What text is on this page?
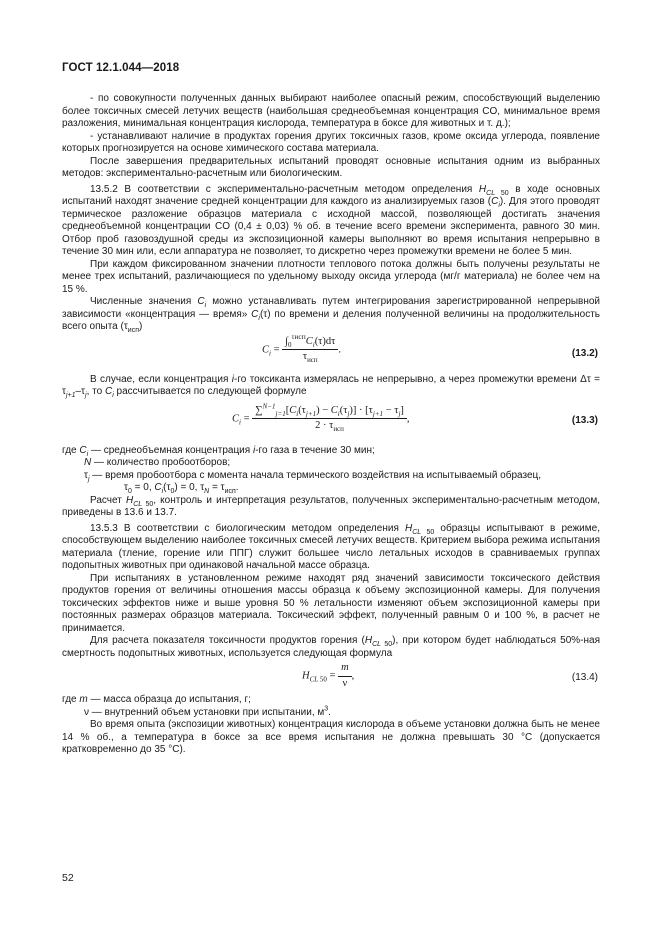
ГОСТ 12.1.044—2018

- по совокупности полученных данных выбирают наиболее опасный режим, способствующий выделению более токсичных смесей летучих веществ (наибольшая среднеобъемная концентрация CO, минимальное время разложения, минимальная концентрация кислорода, температура в боксе для животных и т. д.);

- устанавливают наличие в продуктах горения других токсичных газов, кроме оксида углерода, появление которых прогнозируется на основе химического состава материала.

После завершения предварительных испытаний проводят основные испытания одним из выбранных методов: экспериментально-расчетным или биологическим.

13.5.2 В соответствии с экспериментально-расчетным методом определения $H_{CL 50}$ в ходе основных испытаний находят значение средней концентрации для каждого из анализируемых газов $(C_i)$. Для этого проводят термическое разложение образцов материала с исходной массой, позволяющей достигать значения среднеобъемной концентрации CO (0,4 ± 0,03) % об. в течение всего времени эксперимента, равного 30 мин. Отбор проб газовоздушной среды из экспозиционной камеры выполняют во время испытания непрерывно в течение 30 мин или, если аппаратура не позволяет, то дискретно через промежутки времени не более 5 мин.

При каждом фиксированном значении плотности теплового потока должны быть получены результаты не менее трех испытаний, различающиеся по удельному выходу оксида углерода (мг/г материала) не более чем на 15 %.

Численные значения $C_i$ можно устанавливать путем интегрирования зарегистрированной непрерывной зависимости «концентрация — время» $C_i(\tau)$ по времени и деления полученной величины на продолжительность всего опыта $(\tau_{исп})$

$C_i = \frac{\int_0^{\tau исп}C_i(\tau)d\tau}{\tau_{исп}}$ .	(13.2)

В случае, если концентрация i-го токсиканта измерялась не непрерывно, а через промежутки времени $\Delta\tau = \tau_{j+1}-\tau_j$, то $C_i$ рассчитывается по следующей формуле

$C_i = \frac{\sum^{N-1}_{j=1}[C_i(\tau_{j+1}) - C_i(\tau_j)] \cdot [\tau_{j+1} - \tau_j]}{2 \cdot \tau_{исп}}$ ,	(13.3)

где $C_i$ — среднеобъемная концентрация i-го газа в течение 30 мин;

N — количество пробоотборов;

$\tau_j$ — время пробоотбора с момента начала термического воздействия на испытываемый образец,

$\tau_0 = 0$, $C_i(\tau_0) = 0$, $\tau_N = \tau_{исп}$.

Расчет $H_{CL 50}$, контроль и интерпретация результатов, полученных экспериментально-расчетным методом, приведены в 13.6 и 13.7.

13.5.3 В соответствии с биологическим методом определения $H_{CL 50}$ образцы испытывают в режиме, способствующем выделению наиболее токсичных смесей летучих веществ. Критерием выбора режима испытания материала (тление, горение или ППГ) служит большее число летальных исходов в сравниваемых группах подопытных животных при одинаковой начальной массе образца.

При испытаниях в установленном режиме находят ряд значений зависимости токсического действия продуктов горения от величины отношения массы образца к объему экспозиционной камеры. Для получения токсических эффектов ниже и выше уровня 50 % летальности изменяют объем экспозиционной камеры при постоянных размерах образцов материала. Токсический эффект, полученный равным 0 и 100 %, в расчет не принимается.

Для расчета показателя токсичности продуктов горения $(H_{CL 50})$, при котором будет наблюдаться 50%-ная смертность подопытных животных, используется следующая формула

$H_{CL 50} = \frac{m}{\nu}$ ,	(13.4)

где m — масса образца до испытания, г;

ν — внутренний объем установки при испытании, $м^3$.

Во время опыта (экспозиции животных) концентрация кислорода в объеме установки должна быть не менее 14 % об., а температура в боксе за все время испытания не должна превышать 30 °С (допускается кратковременно до 35 °С).

52
